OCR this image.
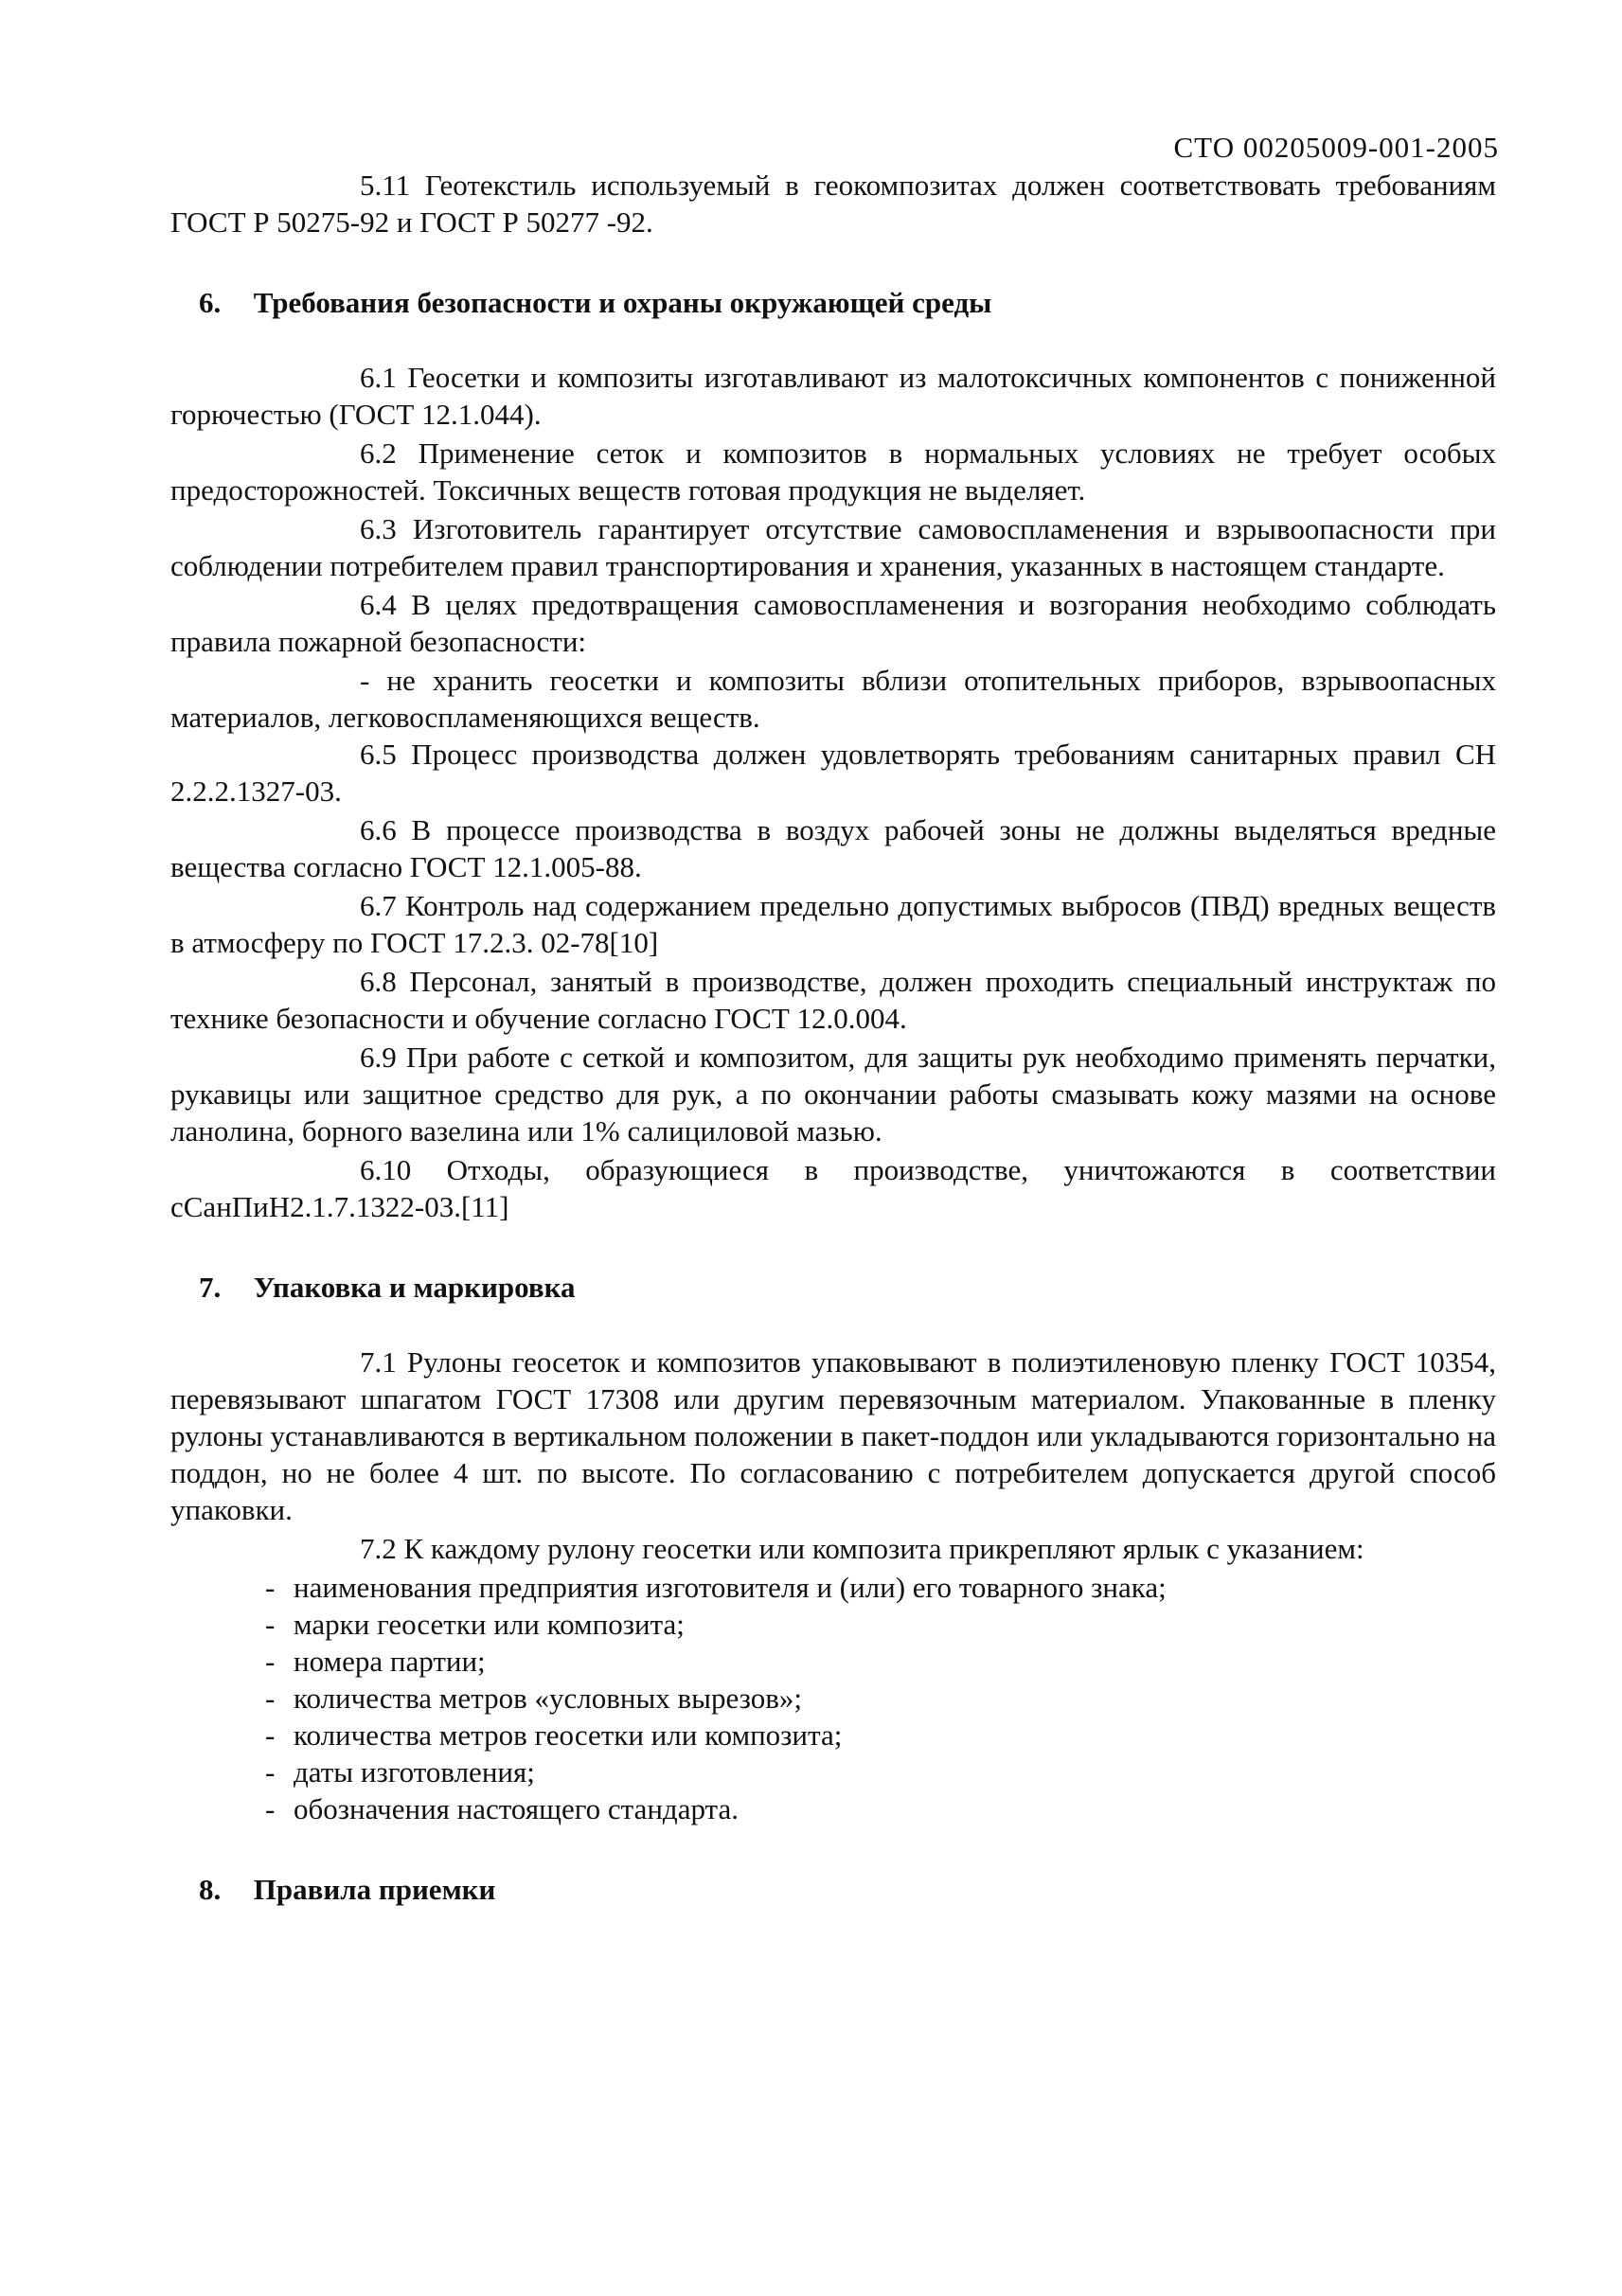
СТО 00205009-001-2005

5.11 Геотекстиль используемый в геокомпозитах должен соответствовать требованиям ГОСТ Р 50275-92 и ГОСТ Р 50277 -92.

6. Требования безопасности и охраны окружающей среды

6.1 Геосетки и композиты изготавливают из малотоксичных компонентов с пониженной горючестью (ГОСТ 12.1.044).

6.2 Применение сеток и композитов в нормальных условиях не требует особых предосторожностей. Токсичных веществ готовая продукция не выделяет.

6.3 Изготовитель гарантирует отсутствие самовоспламенения и взрывоопасности при соблюдении потребителем правил транспортирования и хранения, указанных в настоящем стандарте.

6.4 В целях предотвращения самовоспламенения и возгорания необходимо соблюдать правила пожарной безопасности:

- не хранить геосетки и композиты вблизи отопительных приборов, взрывоопасных материалов, легковоспламеняющихся веществ.

6.5 Процесс производства должен удовлетворять требованиям санитарных правил СН 2.2.2.1327-03.

6.6 В процессе производства в воздух рабочей зоны не должны выделяться вредные вещества согласно ГОСТ 12.1.005-88.

6.7 Контроль над содержанием предельно допустимых выбросов (ПВД) вредных веществ в атмосферу по ГОСТ 17.2.3. 02-78[10]

6.8 Персонал, занятый в производстве, должен проходить специальный инструктаж по технике безопасности и обучение согласно ГОСТ 12.0.004.

6.9 При работе с сеткой и композитом, для защиты рук необходимо применять перчатки, рукавицы или защитное средство для рук, а по окончании работы смазывать кожу мазями на основе ланолина, борного вазелина или 1% салициловой мазью.

6.10 Отходы, образующиеся в производстве, уничтожаются в соответствии сСанПиН2.1.7.1322-03.[11]

7. Упаковка и маркировка

7.1 Рулоны геосеток и композитов упаковывают в полиэтиленовую пленку ГОСТ 10354, перевязывают шпагатом ГОСТ 17308 или другим перевязочным материалом. Упакованные в пленку рулоны устанавливаются в вертикальном положении в пакет-поддон или укладываются горизонтально на поддон, но не более 4 шт. по высоте. По согласованию с потребителем допускается другой способ упаковки.

7.2 К каждому рулону геосетки или композита прикрепляют ярлык с указанием:

- наименования предприятия изготовителя и (или) его товарного знака;
- марки геосетки или композита;
- номера партии;
- количества метров «условных вырезов»;
- количества метров геосетки или композита;
- даты изготовления;
- обозначения настоящего стандарта.
8. Правила приемки
